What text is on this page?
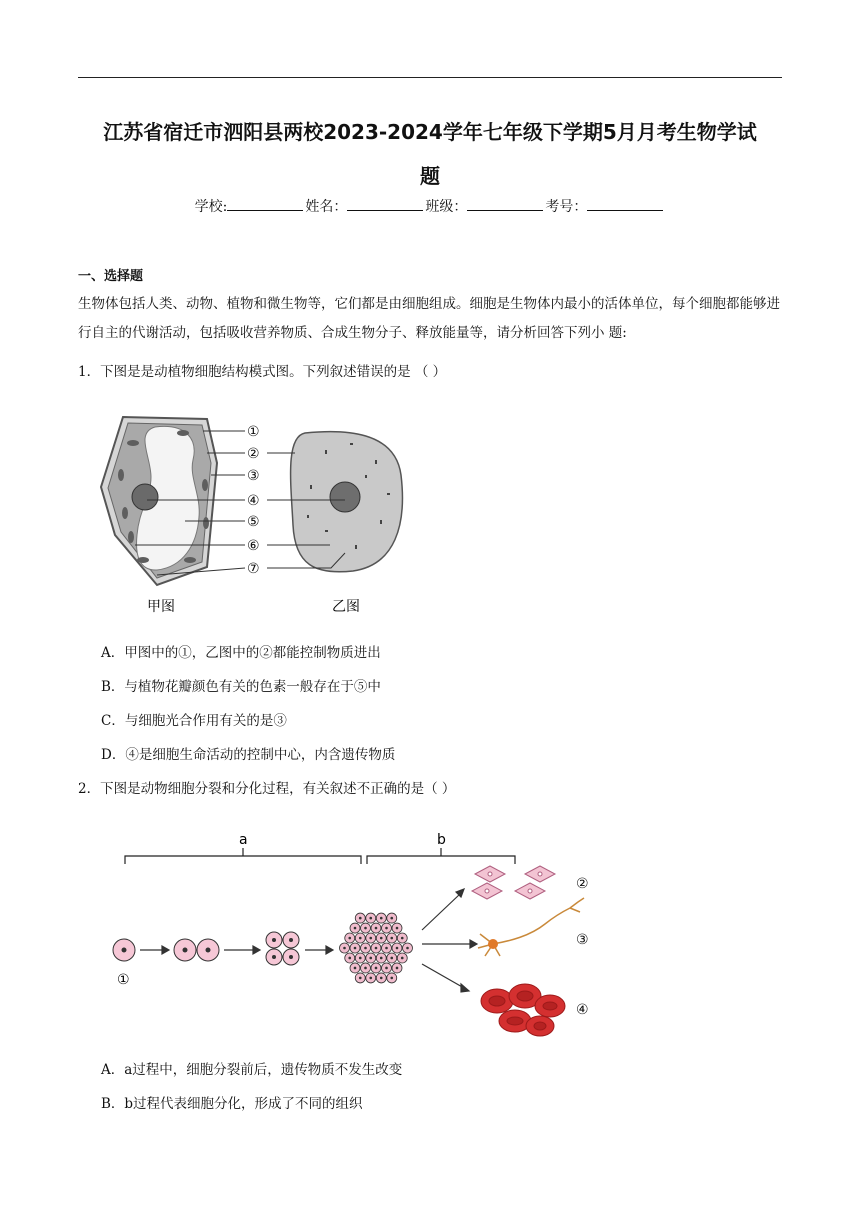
江苏省宿迁市泗阳县两校2023-2024学年七年级下学期5月月考生物学试
题
学校:	姓名：	班级：	考号：
一、选择题
生物体包括人类、动物、植物和微生物等，它们都是由细胞组成。细胞是生物体内最小的活体单位，每个细胞都能够进行自主的代谢活动，包括吸收营养物质、合成生物分子、释放能量等，请分析回答下列小 题:
1．下图是是动植物细胞结构模式图。下列叙述错误的是 （ ）
①
②
③
④
⑤
⑥
⑦
甲图	乙图
A．甲图中的①，乙图中的②都能控制物质进出
B．与植物花瓣颜色有关的色素一般存在于⑤中
C．与细胞光合作用有关的是③
D．④是细胞生命活动的控制中心，内含遗传物质
2．下图是动物细胞分裂和分化过程，有关叙述不正确的是（ ）
a	b
①
②
③
④
A．a过程中，细胞分裂前后，遗传物质不发生改变
B．b过程代表细胞分化，形成了不同的组织
